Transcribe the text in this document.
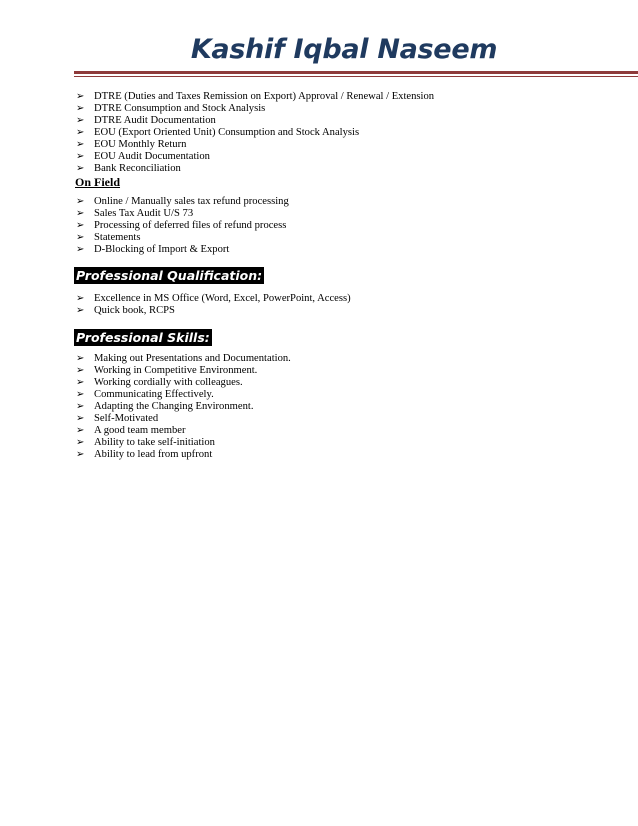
Kashif Iqbal Naseem
➢ DTRE (Duties and Taxes Remission on Export) Approval / Renewal / Extension
➢ DTRE Consumption and Stock Analysis
➢ DTRE Audit Documentation
➢ EOU (Export Oriented Unit) Consumption and Stock Analysis
➢ EOU Monthly Return
➢ EOU Audit Documentation
➢ Bank Reconciliation
On Field
➢ Online / Manually sales tax refund processing
➢ Sales Tax Audit U/S 73
➢ Processing of deferred files of refund process
➢ Statements
➢ D-Blocking of Import & Export
Professional Qualification:
➢ Excellence in MS Office (Word, Excel, PowerPoint, Access)
➢ Quick book, RCPS
Professional Skills:
➢ Making out Presentations and Documentation.
➢ Working in Competitive Environment.
➢ Working cordially with colleagues.
➢ Communicating Effectively.
➢ Adapting the Changing Environment.
➢ Self-Motivated
➢ A good team member
➢ Ability to take self-initiation
➢ Ability to lead from upfront
